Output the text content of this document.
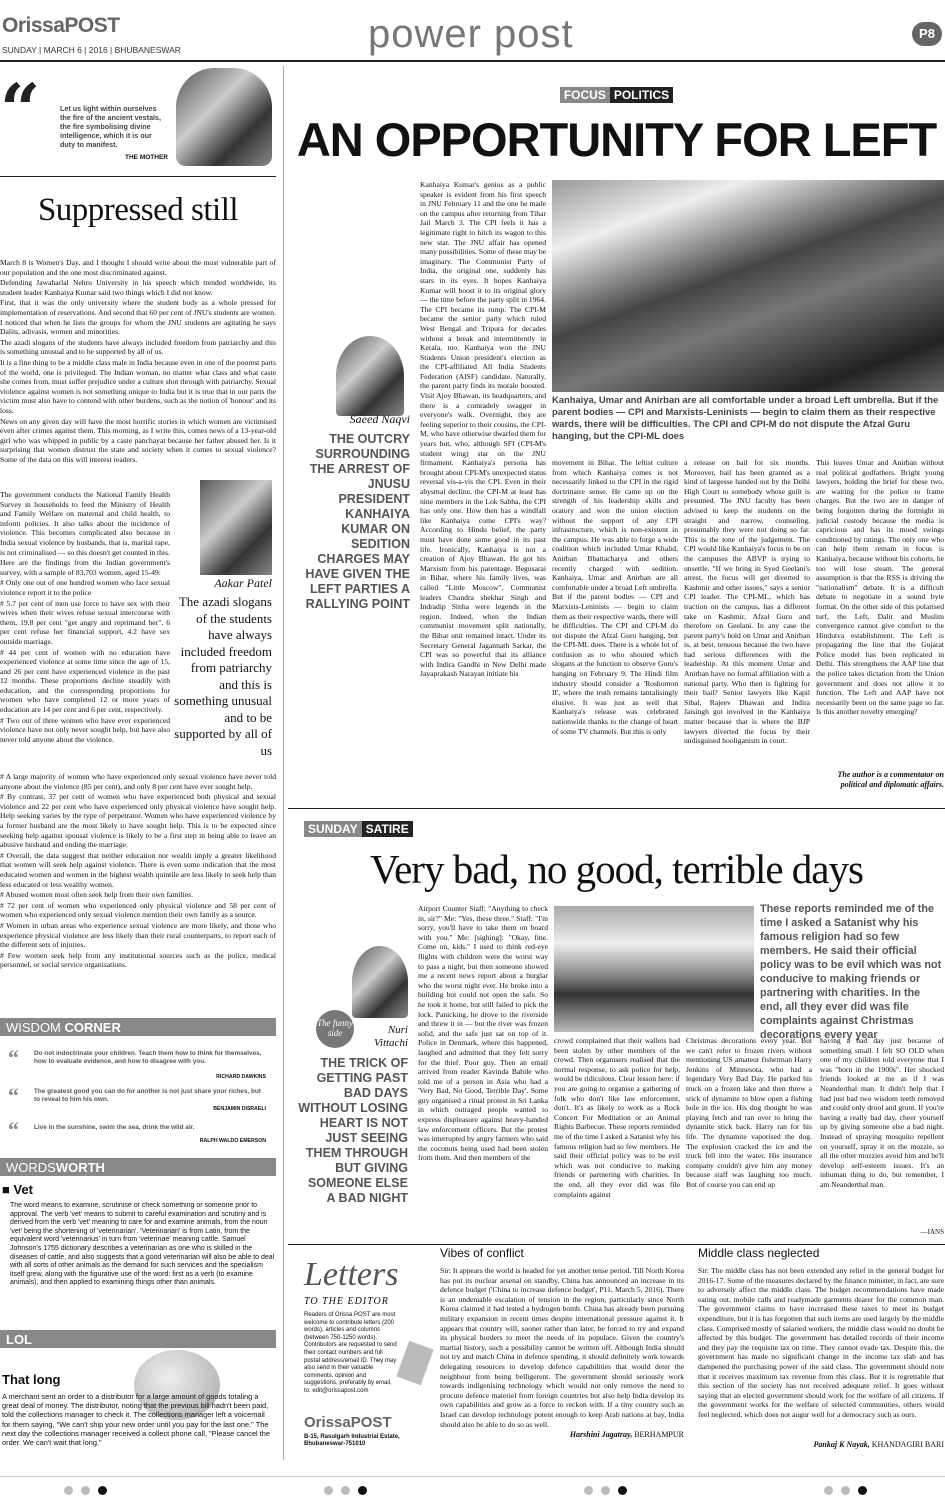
OrissaPOST
SUNDAY | MARCH 6 | 2016 | BHUBANESWAR	power post	P8
“	Let us light within ourselves the fire of the ancient vestals, the fire symbolising divine intelligence, which it is our duty to manifest.
THE MOTHER
Suppressed still

March 8 is Women's Day, and I thought I should write about the most vulnerable part of our population and the one most discriminated against.

Defending Jawaharlal Nehru University in his speech which trended worldwide, its student leader Kanhaiya Kumar said two things which I did not know.

First, that it was the only university where the student body as a whole pressed for implementation of reservations. And second that 60 per cent of JNU's students are women. I noticed that when he lists the groups for whom the JNU students are agitating he says Dalits, adivasis, women and minorities.

The azadi slogans of the students have always included freedom from patriarchy and this is something unusual and to be supported by all of us.

It is a fine thing to be a middle class male in India because even in one of the poorest parts of the world, one is privileged. The Indian woman, no matter what class and what caste she comes from, must suffer prejudice under a culture shot through with patriarchy. Sexual violence against women is not something unique to India but it is true that in our parts the victim must also have to contend with other burdens, such as the notion of 'honour' and its loss.

News on any given day will have the most horrific stories in which women are victimised even after crimes against them. This morning, as I write this, comes news of a 13-year-old girl who was whipped in public by a caste panchayat because her father abused her. Is it surprising that women distrust the state and society when it comes to sexual violence? Some of the data on this will interest readers.

The government conducts the National Family Health Survey in households to feed the Ministry of Health and Family Welfare on maternal and child health, to inform policies. It also talks about the incidence of violence. This becomes complicated also because in India sexual violence by husbands, that is, marital rape, is not criminalised — so this doesn't get counted in this.

Here are the findings from the Indian government's survey, with a sample of 83,703 women, aged 15-49:

# Only one out of one hundred women who face sexual violence report it to the police

# 5.7 per cent of men use force to have sex with their wives when their wives refuse sexual intercourse with them, 19.8 per cent "get angry and reprimand her", 6 per cent refuse her financial support, 4.2 have sex outside marriage.

# 44 per cent of women with no education have experienced violence at some time since the age of 15, and 26 per cent have experienced violence in the past 12 months. These proportions decline steadily with education, and the corresponding proportions for women who have completed 12 or more years of education are 14 per cent and 6 per cent, respectively.

# Two out of three women who have ever experienced violence have not only never sought help, but have also never told anyone about the violence.

Aakar Patel
The azadi slogans of the students have always included freedom from patriarchy and this is something unusual and to be supported by all of us

# A large majority of women who have experienced only sexual violence have never told anyone about the violence (85 per cent), and only 8 per cent have ever sought help.

# By contrast, 37 per cent of women who have experienced both physical and sexual violence and 22 per cent who have experienced only physical violence have sought help. Help seeking varies by the type of perpetrator. Women who have experienced violence by a former husband are the most likely to have sought help. This is to be expected since seeking help against spousal violence is likely to be a first step in being able to leave an abusive husband and ending the marriage.

# Overall, the data suggest that neither education nor wealth imply a greater likelihood that women will seek help against violence. There is even some indication that the most educated women and women in the highest wealth quintile are less likely to seek help than less educated or less wealthy women.

# Abused women most often seek help from their own families.

# 72 per cent of women who experienced only physical violence and 58 per cent of women who experienced only sexual violence mention their own family as a source.

# Women in urban areas who experience sexual violence are more likely, and those who experience physical violence are less likely than their rural counterparts, to report each of the different sets of injuries.

# Few women seek help from any institutional sources such as the police, medical personnel, or social service organisations.

WISDOM CORNER
“ Do not indoctrinate your children. Teach them how to think for themselves, how to evaluate evidence, and how to disagree with you.
RICHARD DAWKINS
“ The greatest good you can do for another is not just share your riches, but to reveal to him his own.
BENJAMIN DISRAELI
“ Live in the sunshine, swim the sea, drink the wild air.
RALPH WALDO EMERSON
WORDSWORTH
■ Vet
The word means to examine, scrutinise or check something or someone prior to approval. The verb 'vet' means to submit to careful examination and scrutiny and is derived from the verb 'vet' meaning to care for and examine animals, from the noun 'vet' being the shortening of 'veterinarian'. 'Veterinarian' is from Latin, from the equivalent word 'veterinarius' in turn from 'veterinae' meaning cattle. Samuel Johnson's 1755 dictionary describes a veterinarian as one who is skilled in the diseases of cattle, and also suggests that a good veterinarian will also be able to deal with all sorts of other animals as the demand for such services and the specialism itself grew, along with the figurative use of the word: first as a verb (to examine animals), and then applied to examining things other than animals.
LOL
That long
A merchant sent an order to a distributor for a large amount of goods totaling a great deal of money. The distributor, noting that the previous bill hadn't been paid, told the collections manager to check it. The collections manager left a voicemail for them saying, "We can't ship your new order until you pay for the last one." The next day the collections manager received a collect phone call, "Please cancel the order. We can't wait that long."
FOCUS POLITICS
AN OPPORTUNITY FOR LEFT
Saeed Naqvi
THE OUTCRY SURROUNDING THE ARREST OF JNUSU PRESIDENT KANHAIYA KUMAR ON SEDITION CHARGES MAY HAVE GIVEN THE LEFT PARTIES A RALLYING POINT
Kanhaiya Kumar's genius as a public speaker is evident from his first speech in JNU February 11 and the one he made on the campus after returning from Tihar Jail March 3. The CPI feels it has a legitimate right to hitch its wagon to this new star. The JNU affair has opened many possibilities. Some of these may be imaginary. The Communist Party of India, the original one, suddenly has stars in its eyes. It hopes Kanhaiya Kumar will boost it to its original glory — the time before the party split in 1964. The CPI became its rump. The CPI-M became the senior party which ruled West Bengal and Tripura for decades without a break and intermittently in Kerala, too. Kanhaiya won the JNU Students Union president's election as the CPI-affiliated All India Students Federation (AISF) candidate. Naturally, the parent party finds its morale boosted. Visit Ajoy Bhawan, its headquarters, and there is a comradely swagger in everyone's walk. Overnight, they are feeling superior to their cousins, the CPI-M, who have otherwise dwarfed them for years but, who, although SFI (CPI-M's student wing) star on the JNU firmament. Kanhaiya's persona has brought about CPI-M's unexpected status reversal vis-a-vis the CPI. Even in their abysmal decline, the CPI-M at least has nine members in the Lok Sabha, the CPI has only one. How then has a windfall like Kanhaiya come CPI's way? According to Hindu belief, the party must have done some good in its past life. Ironically, Kanhaiya is not a creation of Ajoy Bhawan. He got his Marxism from his parentage. Begusarai in Bihar, where his family lives, was called "Little Moscow". Communist leaders Chandra shekhar Singh and Indradip Sinha were legends in the region. Indeed, when the Indian communist movement split nationally, the Bihar unit remained intact. Under its Secretary General Jagannath Sarkar, the CPI was so powerful that its alliance with Indira Gandhi in New Delhi made Jayaprakash Narayan initiate his
Kanhaiya, Umar and Anirban are all comfortable under a broad Left umbrella. But if the parent bodies — CPI and Marxists-Leninists — begin to claim them as their respective wards, there will be difficulties. The CPI and CPI-M do not dispute the Afzal Guru hanging, but the CPI-ML does
movement in Bihar. The leftist culture from which Kanhaiya comes is not necessarily linked to the CPI in the rigid doctrinaire sense. He came up on the strength of his leadership skills and oratory and won the union election without the support of any CPI infrastructure, which is non-existent in the campus. He was able to forge a wide coalition which included Umar Khalid, Anirban Bhattacharya and others recently charged with sedition. Kanhaiya, Umar and Anirban are all comfortable under a broad Left umbrella. But if the parent bodies — CPI and Marxists-Leninists — begin to claim them as their respective wards, there will be difficulties. The CPI and CPI-M do not dispute the Afzal Guru hanging, but the CPI-ML does. There is a whole lot of confusion as to who shouted which slogans at the function to observe Guru's hanging on February 9. The Hindi film industry should consider a 'Roshomon II', where the truth remains tantalisingly elusive. It was just as well that Kanhaiya's release was celebrated nationwide thanks to the change of heart of some TV channels. But this is only
a release on bail for six months. Moreover, bail has been granted as a kind of largesse handed out by the Delhi High Court to somebody whose guilt is presumed. The JNU faculty has been advised to keep the students on the straight and narrow, counseling, presumably they were not doing so far. This is the tone of the judgement. The CPI would like Kanhaiya's focus to be on the campuses the ABVP is trying to unsettle. "If we bring in Syed Geelani's arrest, the focus will get diverted to Kashmir and other issues," says a senior CPI leader. The CPI-ML, which has traction on the campus, has a different take on Kashmir, Afzal Guru and therefore on Geelani. In any case the parent party's hold on Umar and Anirban is, at best, tenuous because the two have had serious differences with the leadership. At this moment Umar and Anirban have no formal affiliation with a national party. Who then is fighting for their bail? Senior lawyers like Kapil Sibal, Rajeev Dhawan and Indira Jaisingh got involved in the Kanhaiya matter because that is where the BJP lawyers diverted the focus by their undisguised hooliganism in court.
This leaves Umar and Anirban without real political godfathers. Bright young lawyers, holding the brief for these two, are waiting for the police to frame charges. But the two are in danger of being forgotten during the fortnight in judicial custody because the media is capricious and has its mood swings conditioned by ratings. The only one who can help them remain in focus is Kanhaiya, because without his cohorts, he too will lose steam. The general assumption is that the RSS is driving the "nationalism" debate. It is a difficult debate to negotiate in a sound byte format. On the other side of this polarised turf, the Left, Dalit and Muslim convergence cannot give comfort to the Hindutva establishment. The Left is propagating the line that the Gujarat Police model has been replicated in Delhi. This strengthens the AAP line that the police takes dictation from the Union government and does not allow it to function. The Left and AAP have not necessarily been on the same page so far. Is this another novelty emerging?
The author is a commentator on political and diplomatic affairs.
SUNDAY SATIRE
Very bad, no good, terrible days
The funny side	Nuri Vittachi
THE TRICK OF GETTING PAST BAD DAYS WITHOUT LOSING HEART IS NOT JUST SEEING THEM THROUGH BUT GIVING SOMEONE ELSE A BAD NIGHT
Airport Counter Staff: "Anything to check in, sir?" Me: "Yes, these three." Staff: "I'm sorry, you'll have to take them on board with you." Me: [sighing]: "Okay, fine. Come on, kids." I used to think red-eye flights with children were the worst way to pass a night, but then someone showed me a recent news report about a burglar who the worst night ever. He broke into a building but could not open the safe. So he took it home, but still failed to pick the lock. Panicking, he drove to the riverside and threw it in — but the river was frozen solid, and the safe just sat on top of it. Police in Denmark, where this happened, laughed and admitted that they felt sorry for the thief. Poor guy. Then an email arrived from reader Kavinda Babile who told me of a person in Asia who had a 'Very Bad, No Good, Terrible Day'. Some guy organised a ritual protest in Sri Lanka in which outraged people wanted to express displeasure against heavy-handed law enforcement officers. But the protest was interrupted by angry farmers who said the coconuts being used had been stolen from them. And then members of the
These reports reminded me of the time I asked a Satanist why his famous religion had so few members. He said their official policy was to be evil which was not conducive to making friends or partnering with charities. In the end, all they ever did was file complaints against Christmas decorations every year
crowd complained that their wallets had been stolen by other members of the crowd. Then organisers realised that the normal response, to ask police for help, would be ridiculous. Clear lesson here: if you are going to organise a gathering of folk who don't like law enforcement, don't. It's as likely to work as a Rock Concert For Meditation or an Animal Rights Barbecue. These reports reminded me of the time I asked a Satanist why his famous religion had so few members. He said their official policy was to be evil which was not conducive to making friends or partnering with charities. In the end, all they ever did was file complaints against
Christmas decorations every year. But we can't refer to frozen rivers without mentioning US amateur fisherman Harry Jenkins of Minnesota, who had a legendary Very Bad Day. He parked his truck on a frozen lake and then threw a stick of dynamite to blow open a fishing hole in the ice. His dog thought he was playing fetch and ran over to bring the dynamite stick back. Harry ran for his life. The dynamite vaporised the dog. The explosion cracked the ice and the truck fell into the water. His insurance company couldn't give him any money because staff was laughing too much. But of course you can end up
having a bad day just because of something small. I felt SO OLD when one of my children told everyone that I was "born in the 1900s". Her shocked friends looked at me as if I was Neanderthal man. It didn't help that I had just had two wisdom teeth removed and could only drool and grunt. If you're having a really bad day, cheer yourself up by giving someone else a bad night. Instead of spraying mosquito repellent on yourself, spray it on the mozzie, so all the other mozzies avoid him and he'll develop self-esteem issues. It's an inhuman thing to do, but remember, I am Neanderthal man.
—IANS
Letters
TO THE EDITOR
Readers of Orissa POST are most welcome to contribute letters (200 words), articles and columns (between 750-1250 words). Contributors are requested to send their contact numbers and full postal address/email ID. They may also send in their valuable comments, opinion and suggestions, preferably by email, to: edit@orissapost.com
OrissaPOST
B-15, Rasulgarh Industrial Estate, Bhubaneswar-751010
Vibes of conflict
Sir: It appears the world is headed for yet another tense period. Till North Korea has put its nuclear arsenal on standby, China has announced an increase in its defence budget ('China to increase defence budget', P11, March 5, 2016). There is an undeniable escalation of tension in the region, particularly since North Korea claimed it had tested a hydrogen bomb. China has already been pursuing military expansion in recent times despite international pressure against it. It appears that country will, sooner rather than later, be forced to try and expand its physical borders to meet the needs of its populace. Given the country's martial history, such a possibility cannot be written off. Although India should not try and match China in defence spending, it should definitely work towards delegating resources to develop defence capabilities that would deter the neighbour from being belligerent. The government should seriously work towards indigenising technology which would not only remove the need to procure defence materiel from foreign countries but also help India develop its own capabilities and grow as a force to reckon with. If a tiny country such as Israel can develop technology potent enough to keep Arab nations at bay, India should also be able to do so as well.
Harshini Jagatray, BERHAMPUR
Middle class neglected
Sir: The middle class has not been extended any relief in the general budget for 2016-17. Some of the measures declared by the finance minister, in fact, are sure to adversely affect the middle class. The budget recommendations have made eating out, mobile calls and readymade garments dearer for the common man. The government claims to have increased these taxes to meet its budget expenditure, but it is has forgotten that such items are used largely by the middle class. Comprised mostly of salaried workers, the middle class would no doubt be affected by this budget. The government has detailed records of their income and they pay the requisite tax on time. They cannot evade tax. Despite this, the government has made no significant change in the income tax slab and has dampened the purchasing power of the said class. The government should note that it receives maximum tax revenue from this class. But it is regrettable that this section of the society has not received adequate relief. It goes without saying that an elected government should work for the welfare of all citizens. If the government works for the welfare of selected communities, others would feel neglected, which does not augur well for a democracy such as ours.
Pankaj K Nayak, KHANDAGIRI BARI
